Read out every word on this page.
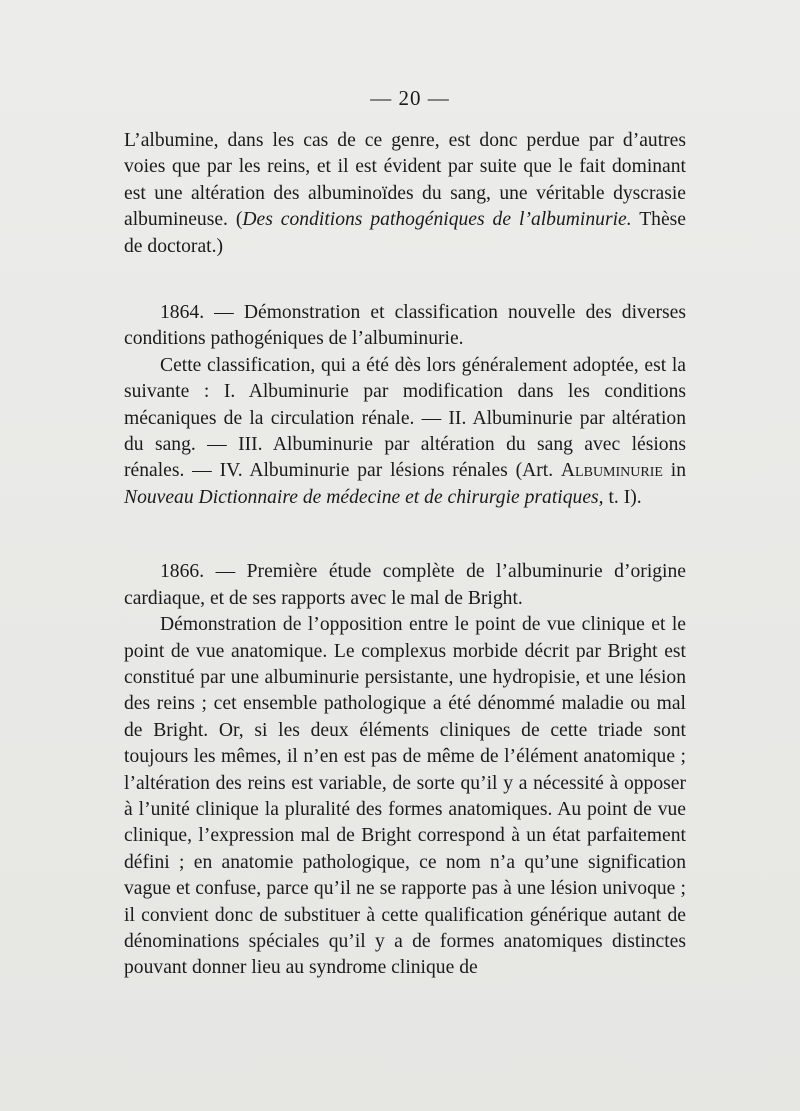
— 20 —

L’albumine, dans les cas de ce genre, est donc perdue par d’autres voies que par les reins, et il est évident par suite que le fait dominant est une altération des albuminoïdes du sang, une véritable dyscrasie albumineuse. (Des conditions pathogéniques de l’albuminurie. Thèse de doctorat.)

1864. — Démonstration et classification nouvelle des diverses conditions pathogéniques de l’albuminurie.

Cette classification, qui a été dès lors généralement adoptée, est la suivante : I. Albuminurie par modification dans les conditions mécaniques de la circulation rénale. — II. Albuminurie par altération du sang. — III. Albuminurie par altération du sang avec lésions rénales. — IV. Albuminurie par lésions rénales (Art. Albuminurie in Nouveau Dictionnaire de médecine et de chirurgie pratiques, t. I).

1866. — Première étude complète de l’albuminurie d’origine cardiaque, et de ses rapports avec le mal de Bright.

Démonstration de l’opposition entre le point de vue clinique et le point de vue anatomique. Le complexus morbide décrit par Bright est constitué par une albuminurie persistante, une hydropisie, et une lésion des reins ; cet ensemble pathologique a été dénommé maladie ou mal de Bright. Or, si les deux éléments cliniques de cette triade sont toujours les mêmes, il n’en est pas de même de l’élément anatomique ; l’altération des reins est variable, de sorte qu’il y a nécessité à opposer à l’unité clinique la pluralité des formes anatomiques. Au point de vue clinique, l’expression mal de Bright correspond à un état parfaitement défini ; en anatomie pathologique, ce nom n’a qu’une signification vague et confuse, parce qu’il ne se rapporte pas à une lésion univoque ; il convient donc de substituer à cette qualification générique autant de dénominations spéciales qu’il y a de formes anatomiques distinctes pouvant donner lieu au syndrome clinique de
